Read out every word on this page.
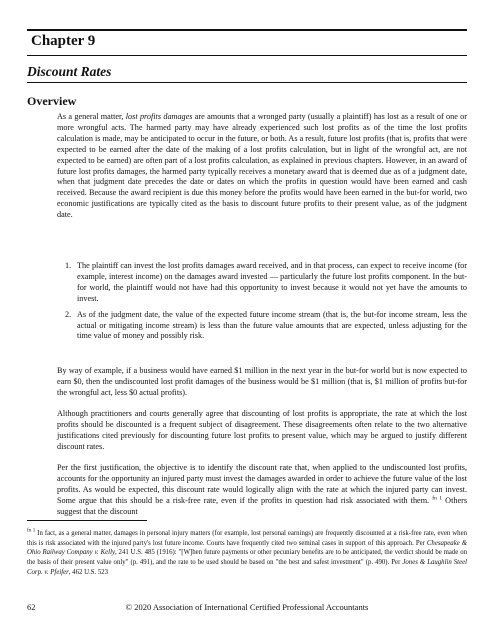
Chapter 9
Discount Rates
Overview

As a general matter, lost profits damages are amounts that a wronged party (usually a plaintiff) has lost as a result of one or more wrongful acts. The harmed party may have already experienced such lost profits as of the time the lost profits calculation is made, may be anticipated to occur in the future, or both. As a result, future lost profits (that is, profits that were expected to be earned after the date of the making of a lost profits calculation, but in light of the wrongful act, are not expected to be earned) are often part of a lost profits calculation, as explained in previous chapters. However, in an award of future lost profits damages, the harmed party typically receives a monetary award that is deemed due as of a judgment date, when that judgment date precedes the date or dates on which the profits in question would have been earned and cash received. Because the award recipient is due this money before the profits would have been earned in the but-for world, two economic justifications are typically cited as the basis to discount future profits to their present value, as of the judgment date.

1. The plaintiff can invest the lost profits damages award received, and in that process, can expect to receive income (for example, interest income) on the damages award invested — particularly the future lost profits component. In the but-for world, the plaintiff would not have had this opportunity to invest because it would not yet have the amounts to invest.
2. As of the judgment date, the value of the expected future income stream (that is, the but-for income stream, less the actual or mitigating income stream) is less than the future value amounts that are expected, unless adjusting for the time value of money and possibly risk.

By way of example, if a business would have earned $1 million in the next year in the but-for world but is now expected to earn $0, then the undiscounted lost profit damages of the business would be $1 million (that is, $1 million of profits but-for the wrongful act, less $0 actual profits).

Although practitioners and courts generally agree that discounting of lost profits is appropriate, the rate at which the lost profits should be discounted is a frequent subject of disagreement. These disagreements often relate to the two alternative justifications cited previously for discounting future lost profits to present value, which may be argued to justify different discount rates.

Per the first justification, the objective is to identify the discount rate that, when applied to the undiscounted lost profits, accounts for the opportunity an injured party must invest the damages awarded in order to achieve the future value of the lost profits. As would be expected, this discount rate would logically align with the rate at which the injured party can invest. Some argue that this should be a risk-free rate, even if the profits in question had risk associated with them. $^{fn 1}$ Others suggest that the discount

$^{fn 1}$ In fact, as a general matter, damages in personal injury matters (for example, lost personal earnings) are frequently discounted at a risk-free rate, even when this is risk associated with the injured party's lost future income. Courts have frequently cited two seminal cases in support of this approach. Per Chesapeake & Ohio Railway Company v. Kelly, 241 U.S. 485 (1916): "[W]hen future payments or other pecuniary benefits are to be anticipated, the verdict should be made on the basis of their present value only" (p. 491), and the rate to be used should be based on "the best and safest investment" (p. 490). Per Jones & Laughlin Steel Corp. v. Pfeifer, 462 U.S. 523

© 2020 Association of International Certified Professional Accountants
62
